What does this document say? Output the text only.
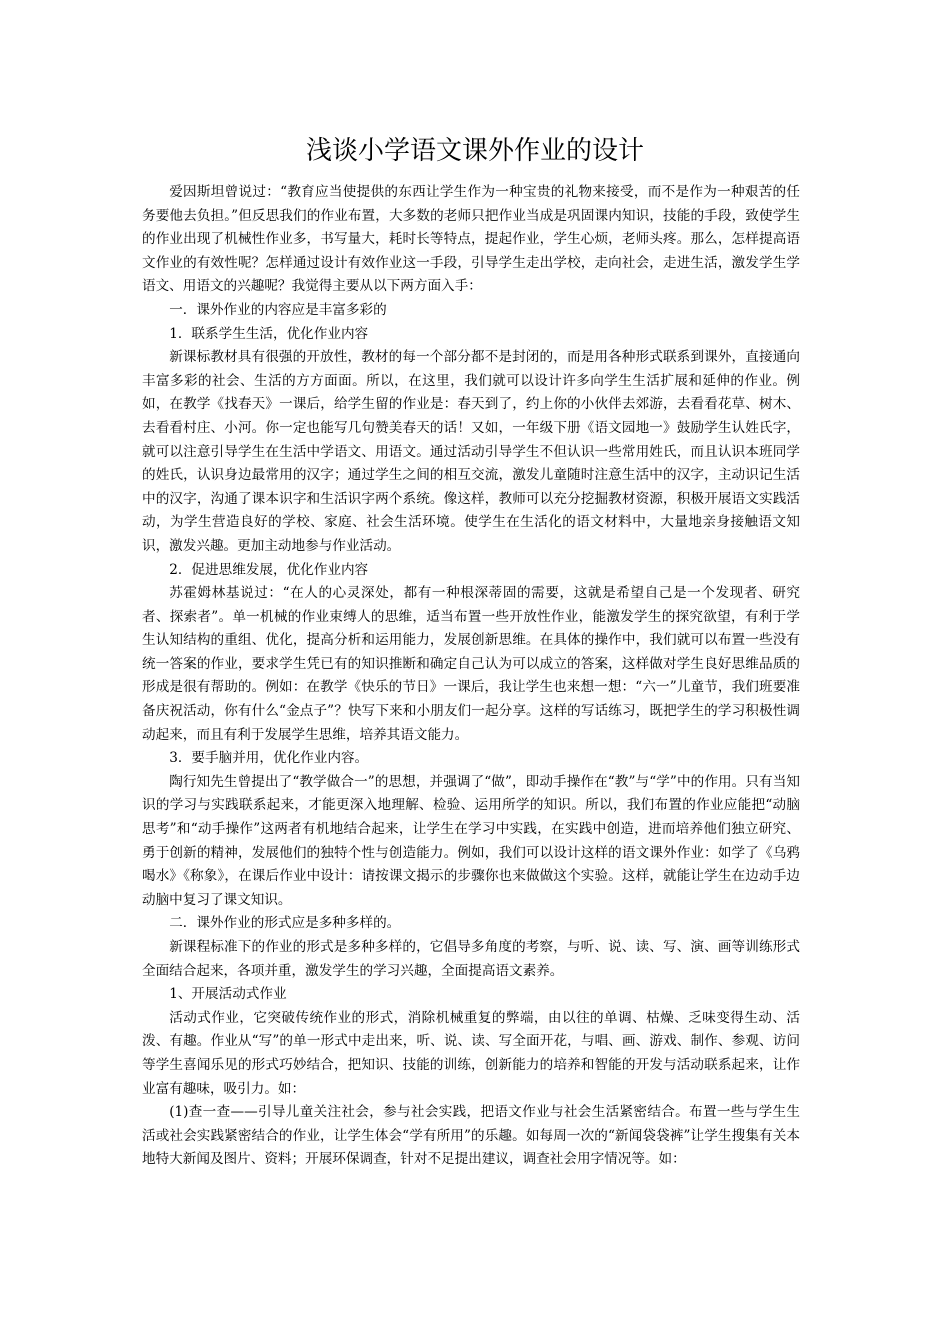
浅谈小学语文课外作业的设计

爱因斯坦曾说过：“教育应当使提供的东西让学生作为一种宝贵的礼物来接受，而不是作为一种艰苦的任务要他去负担。”但反思我们的作业布置，大多数的老师只把作业当成是巩固课内知识，技能的手段，致使学生的作业出现了机械性作业多，书写量大，耗时长等特点，提起作业，学生心烦，老师头疼。那么，怎样提高语文作业的有效性呢？怎样通过设计有效作业这一手段，引导学生走出学校，走向社会，走进生活，激发学生学语文、用语文的兴趣呢？我觉得主要从以下两方面入手：

一．课外作业的内容应是丰富多彩的

1．联系学生生活，优化作业内容

新课标教材具有很强的开放性，教材的每一个部分都不是封闭的，而是用各种形式联系到课外，直接通向丰富多彩的社会、生活的方方面面。所以，在这里，我们就可以设计许多向学生生活扩展和延伸的作业。例如，在教学《找春天》一课后，给学生留的作业是：春天到了，约上你的小伙伴去郊游，去看看花草、树木、去看看村庄、小河。你一定也能写几句赞美春天的话！又如，一年级下册《语文园地一》鼓励学生认姓氏字，就可以注意引导学生在生活中学语文、用语文。通过活动引导学生不但认识一些常用姓氏，而且认识本班同学的姓氏，认识身边最常用的汉字；通过学生之间的相互交流，激发儿童随时注意生活中的汉字，主动识记生活中的汉字，沟通了课本识字和生活识字两个系统。像这样，教师可以充分挖掘教材资源，积极开展语文实践活动，为学生营造良好的学校、家庭、社会生活环境。使学生在生活化的语文材料中，大量地亲身接触语文知识，激发兴趣。更加主动地参与作业活动。

2．促进思维发展，优化作业内容

苏霍姆林基说过：“在人的心灵深处，都有一种根深蒂固的需要，这就是希望自己是一个发现者、研究者、探索者”。单一机械的作业束缚人的思维，适当布置一些开放性作业，能激发学生的探究欲望，有利于学生认知结构的重组、优化，提高分析和运用能力，发展创新思维。在具体的操作中，我们就可以布置一些没有统一答案的作业，要求学生凭已有的知识推断和确定自己认为可以成立的答案，这样做对学生良好思维品质的形成是很有帮助的。例如：在教学《快乐的节日》一课后，我让学生也来想一想：“六一”儿童节，我们班要准备庆祝活动，你有什么“金点子”？快写下来和小朋友们一起分享。这样的写话练习，既把学生的学习积极性调动起来，而且有利于发展学生思维，培养其语文能力。

3．要手脑并用，优化作业内容。

陶行知先生曾提出了“教学做合一”的思想，并强调了“做”，即动手操作在“教”与“学”中的作用。只有当知识的学习与实践联系起来，才能更深入地理解、检验、运用所学的知识。所以，我们布置的作业应能把“动脑思考”和“动手操作”这两者有机地结合起来，让学生在学习中实践，在实践中创造，进而培养他们独立研究、勇于创新的精神，发展他们的独特个性与创造能力。例如，我们可以设计这样的语文课外作业：如学了《乌鸦喝水》《称象》，在课后作业中设计：请按课文揭示的步骤你也来做做这个实验。这样，就能让学生在边动手边动脑中复习了课文知识。

二．课外作业的形式应是多种多样的。

新课程标准下的作业的形式是多种多样的，它倡导多角度的考察，与听、说、读、写、演、画等训练形式全面结合起来，各项并重，激发学生的学习兴趣，全面提高语文素养。

1、开展活动式作业

活动式作业，它突破传统作业的形式，消除机械重复的弊端，由以往的单调、枯燥、乏味变得生动、活泼、有趣。作业从“写”的单一形式中走出来，听、说、读、写全面开花，与唱、画、游戏、制作、参观、访问等学生喜闻乐见的形式巧妙结合，把知识、技能的训练，创新能力的培养和智能的开发与活动联系起来，让作业富有趣味，吸引力。如：

(1)查一查——引导儿童关注社会，参与社会实践，把语文作业与社会生活紧密结合。布置一些与学生生活或社会实践紧密结合的作业，让学生体会“学有所用”的乐趣。如每周一次的“新闻袋袋裤”让学生搜集有关本地特大新闻及图片、资料；开展环保调查，针对不足提出建议，调查社会用字情况等。如：
